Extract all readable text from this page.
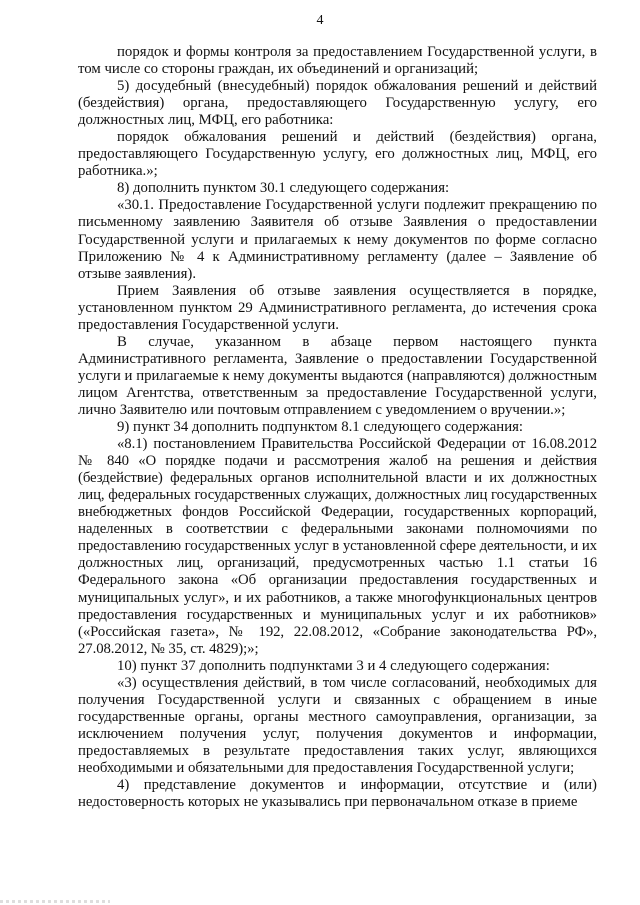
4

порядок и формы контроля за предоставлением Государственной услуги, в том числе со стороны граждан, их объединений и организаций;

5) досудебный (внесудебный) порядок обжалования решений и действий (бездействия) органа, предоставляющего Государственную услугу, его должностных лиц, МФЦ, его работника:

порядок обжалования решений и действий (бездействия) органа, предоставляющего Государственную услугу, его должностных лиц, МФЦ, его работника.»;

8) дополнить пунктом 30.1 следующего содержания:

«30.1. Предоставление Государственной услуги подлежит прекращению по письменному заявлению Заявителя об отзыве Заявления о предоставлении Государственной услуги и прилагаемых к нему документов по форме согласно Приложению № 4 к Административному регламенту (далее – Заявление об отзыве заявления).

Прием Заявления об отзыве заявления осуществляется в порядке, установленном пунктом 29 Административного регламента, до истечения срока предоставления Государственной услуги.

В случае, указанном в абзаце первом настоящего пункта Административного регламента, Заявление о предоставлении Государственной услуги и прилагаемые к нему документы выдаются (направляются) должностным лицом Агентства, ответственным за предоставление Государственной услуги, лично Заявителю или почтовым отправлением с уведомлением о вручении.»;

9) пункт 34 дополнить подпунктом 8.1 следующего содержания:

«8.1) постановлением Правительства Российской Федерации от 16.08.2012 № 840 «О порядке подачи и рассмотрения жалоб на решения и действия (бездействие) федеральных органов исполнительной власти и их должностных лиц, федеральных государственных служащих, должностных лиц государственных внебюджетных фондов Российской Федерации, государственных корпораций, наделенных в соответствии с федеральными законами полномочиями по предоставлению государственных услуг в установленной сфере деятельности, и их должностных лиц, организаций, предусмотренных частью 1.1 статьи 16 Федерального закона «Об организации предоставления государственных и муниципальных услуг», и их работников, а также многофункциональных центров предоставления государственных и муниципальных услуг и их работников» («Российская газета», № 192, 22.08.2012, «Собрание законодательства РФ», 27.08.2012, № 35, ст. 4829);»;

10) пункт 37 дополнить подпунктами 3 и 4 следующего содержания:

«3) осуществления действий, в том числе согласований, необходимых для получения Государственной услуги и связанных с обращением в иные государственные органы, органы местного самоуправления, организации, за исключением получения услуг, получения документов и информации, предоставляемых в результате предоставления таких услуг, являющихся необходимыми и обязательными для предоставления Государственной услуги;

4) представление документов и информации, отсутствие и (или) недостоверность которых не указывались при первоначальном отказе в приеме
